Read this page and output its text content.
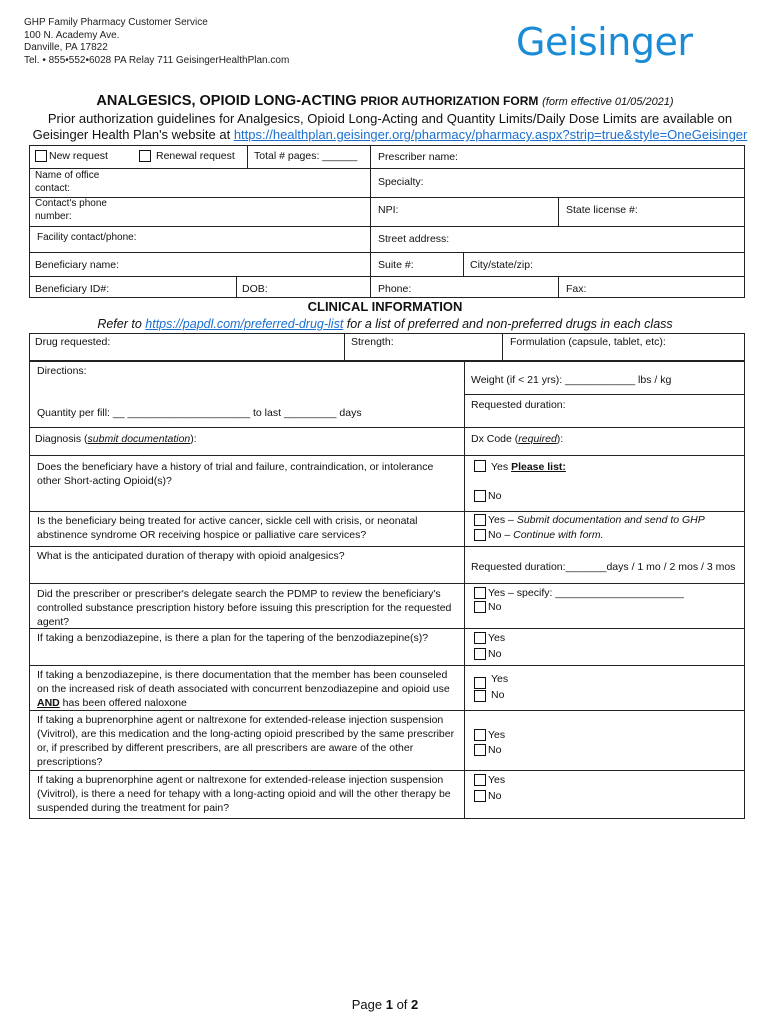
GHP Family Pharmacy Customer Service
100 N. Academy Ave.
Danville, PA 17822
Tel. • 855•552•6028 PA Relay 711 GeisingerHealthPlan.com	Geisinger
ANALGESICS, OPIOID LONG-ACTING PRIOR AUTHORIZATION FORM (form effective 01/05/2021)
Prior authorization guidelines for Analgesics, Opioid Long-Acting and Quantity Limits/Daily Dose Limits are available on Geisinger Health Plan's website at https://healthplan.geisinger.org/pharmacy/pharmacy.aspx?strip=true&style=OneGeisinger
New request	Renewal request Total # pages: ______ Prescriber name:
Name of office contact:
Specialty:
Contact's phone number:
NPI:	State license #:
Facility contact/phone:	Street address:
Beneficiary name:	Suite #:	City/state/zip:
Beneficiary ID#:	DOB:	Phone:	Fax:
CLINICAL INFORMATION
Refer to https://papdl.com/preferred-drug-list for a list of preferred and non-preferred drugs in each class
Drug requested:	Strength:	Formulation (capsule, tablet, etc):
Directions:
Weight (if < 21 yrs): ____________ lbs / kg
Quantity per fill: __ _____________________ to last _________ days
Requested duration:
Diagnosis (submit documentation):	Dx Code (required):
Does the beneficiary have a history of trial and failure, contraindication, or intolerance other Short-acting Opioid(s)?
Yes Please list:
No
Is the beneficiary being treated for active cancer, sickle cell with crisis, or neonatal abstinence syndrome OR receiving hospice or palliative care services?
Yes – Submit documentation and send to GHP
No – Continue with form.
What is the anticipated duration of therapy with opioid analgesics?
Requested duration:_______days / 1 mo / 2 mos / 3 mos
Did the prescriber or prescriber's delegate search the PDMP to review the beneficiary's controlled substance prescription history before issuing this prescription for the requested agent?
Yes – specify: ______________________
No
If taking a benzodiazepine, is there a plan for the tapering of the benzodiazepine(s)?	Yes
No
If taking a benzodiazepine, is there documentation that the member has been counseled on the increased risk of death associated with concurrent benzodiazepine and opioid use AND has been offered naloxone
Yes
No
If taking a buprenorphine agent or naltrexone for extended-release injection suspension (Vivitrol), are this medication and the long-acting opioid prescribed by the same prescriber or, if prescribed by different prescribers, are all prescribers are aware of the other prescriptions?
Yes
No
If taking a buprenorphine agent or naltrexone for extended-release injection suspension (Vivitrol), is there a need for tehapy with a long-acting opioid and will the other therapy be suspended during the treatment for pain?
Yes
No
Page 1 of 2
